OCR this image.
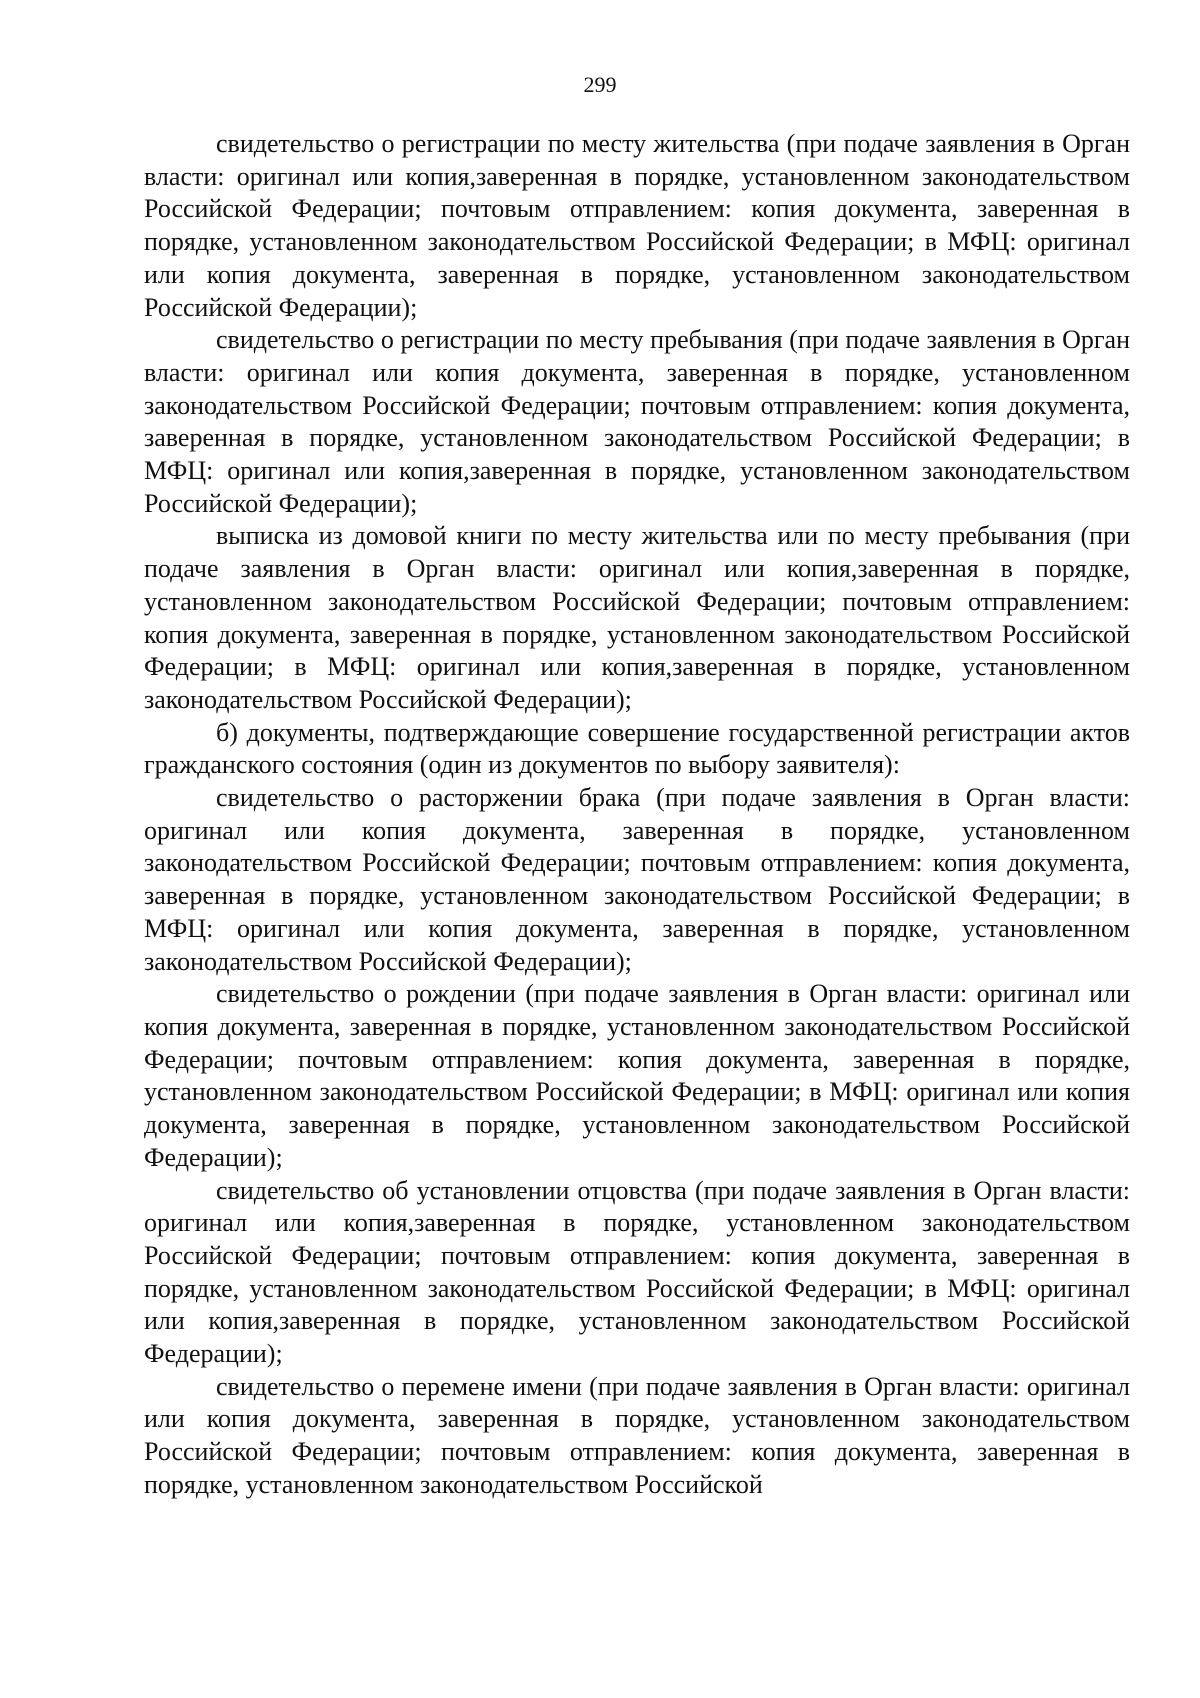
299

свидетельство о регистрации по месту жительства (при подаче заявления в Орган власти: оригинал или копия,заверенная в порядке, установленном законодательством Российской Федерации; почтовым отправлением: копия документа, заверенная в порядке, установленном законодательством Российской Федерации; в МФЦ: оригинал или копия документа, заверенная в порядке, установленном законодательством Российской Федерации);

свидетельство о регистрации по месту пребывания (при подаче заявления в Орган власти: оригинал или копия документа, заверенная в порядке, установленном законодательством Российской Федерации; почтовым отправлением: копия документа, заверенная в порядке, установленном законодательством Российской Федерации; в МФЦ: оригинал или копия,заверенная в порядке, установленном законодательством Российской Федерации);

выписка из домовой книги по месту жительства или по месту пребывания (при подаче заявления в Орган власти: оригинал или копия,заверенная в порядке, установленном законодательством Российской Федерации; почтовым отправлением: копия документа, заверенная в порядке, установленном законодательством Российской Федерации; в МФЦ: оригинал или копия,заверенная в порядке, установленном законодательством Российской Федерации);

б) документы, подтверждающие совершение государственной регистрации актов гражданского состояния (один из документов по выбору заявителя):

свидетельство о расторжении брака (при подаче заявления в Орган власти: оригинал или копия документа, заверенная в порядке, установленном законодательством Российской Федерации; почтовым отправлением: копия документа, заверенная в порядке, установленном законодательством Российской Федерации; в МФЦ: оригинал или копия документа, заверенная в порядке, установленном законодательством Российской Федерации);

свидетельство о рождении (при подаче заявления в Орган власти: оригинал или копия документа, заверенная в порядке, установленном законодательством Российской Федерации; почтовым отправлением: копия документа, заверенная в порядке, установленном законодательством Российской Федерации; в МФЦ: оригинал или копия документа, заверенная в порядке, установленном законодательством Российской Федерации);

свидетельство об установлении отцовства (при подаче заявления в Орган власти: оригинал или копия,заверенная в порядке, установленном законодательством Российской Федерации; почтовым отправлением: копия документа, заверенная в порядке, установленном законодательством Российской Федерации; в МФЦ: оригинал или копия,заверенная в порядке, установленном законодательством Российской Федерации);

свидетельство о перемене имени (при подаче заявления в Орган власти: оригинал или копия документа, заверенная в порядке, установленном законодательством Российской Федерации; почтовым отправлением: копия документа, заверенная в порядке, установленном законодательством Российской
